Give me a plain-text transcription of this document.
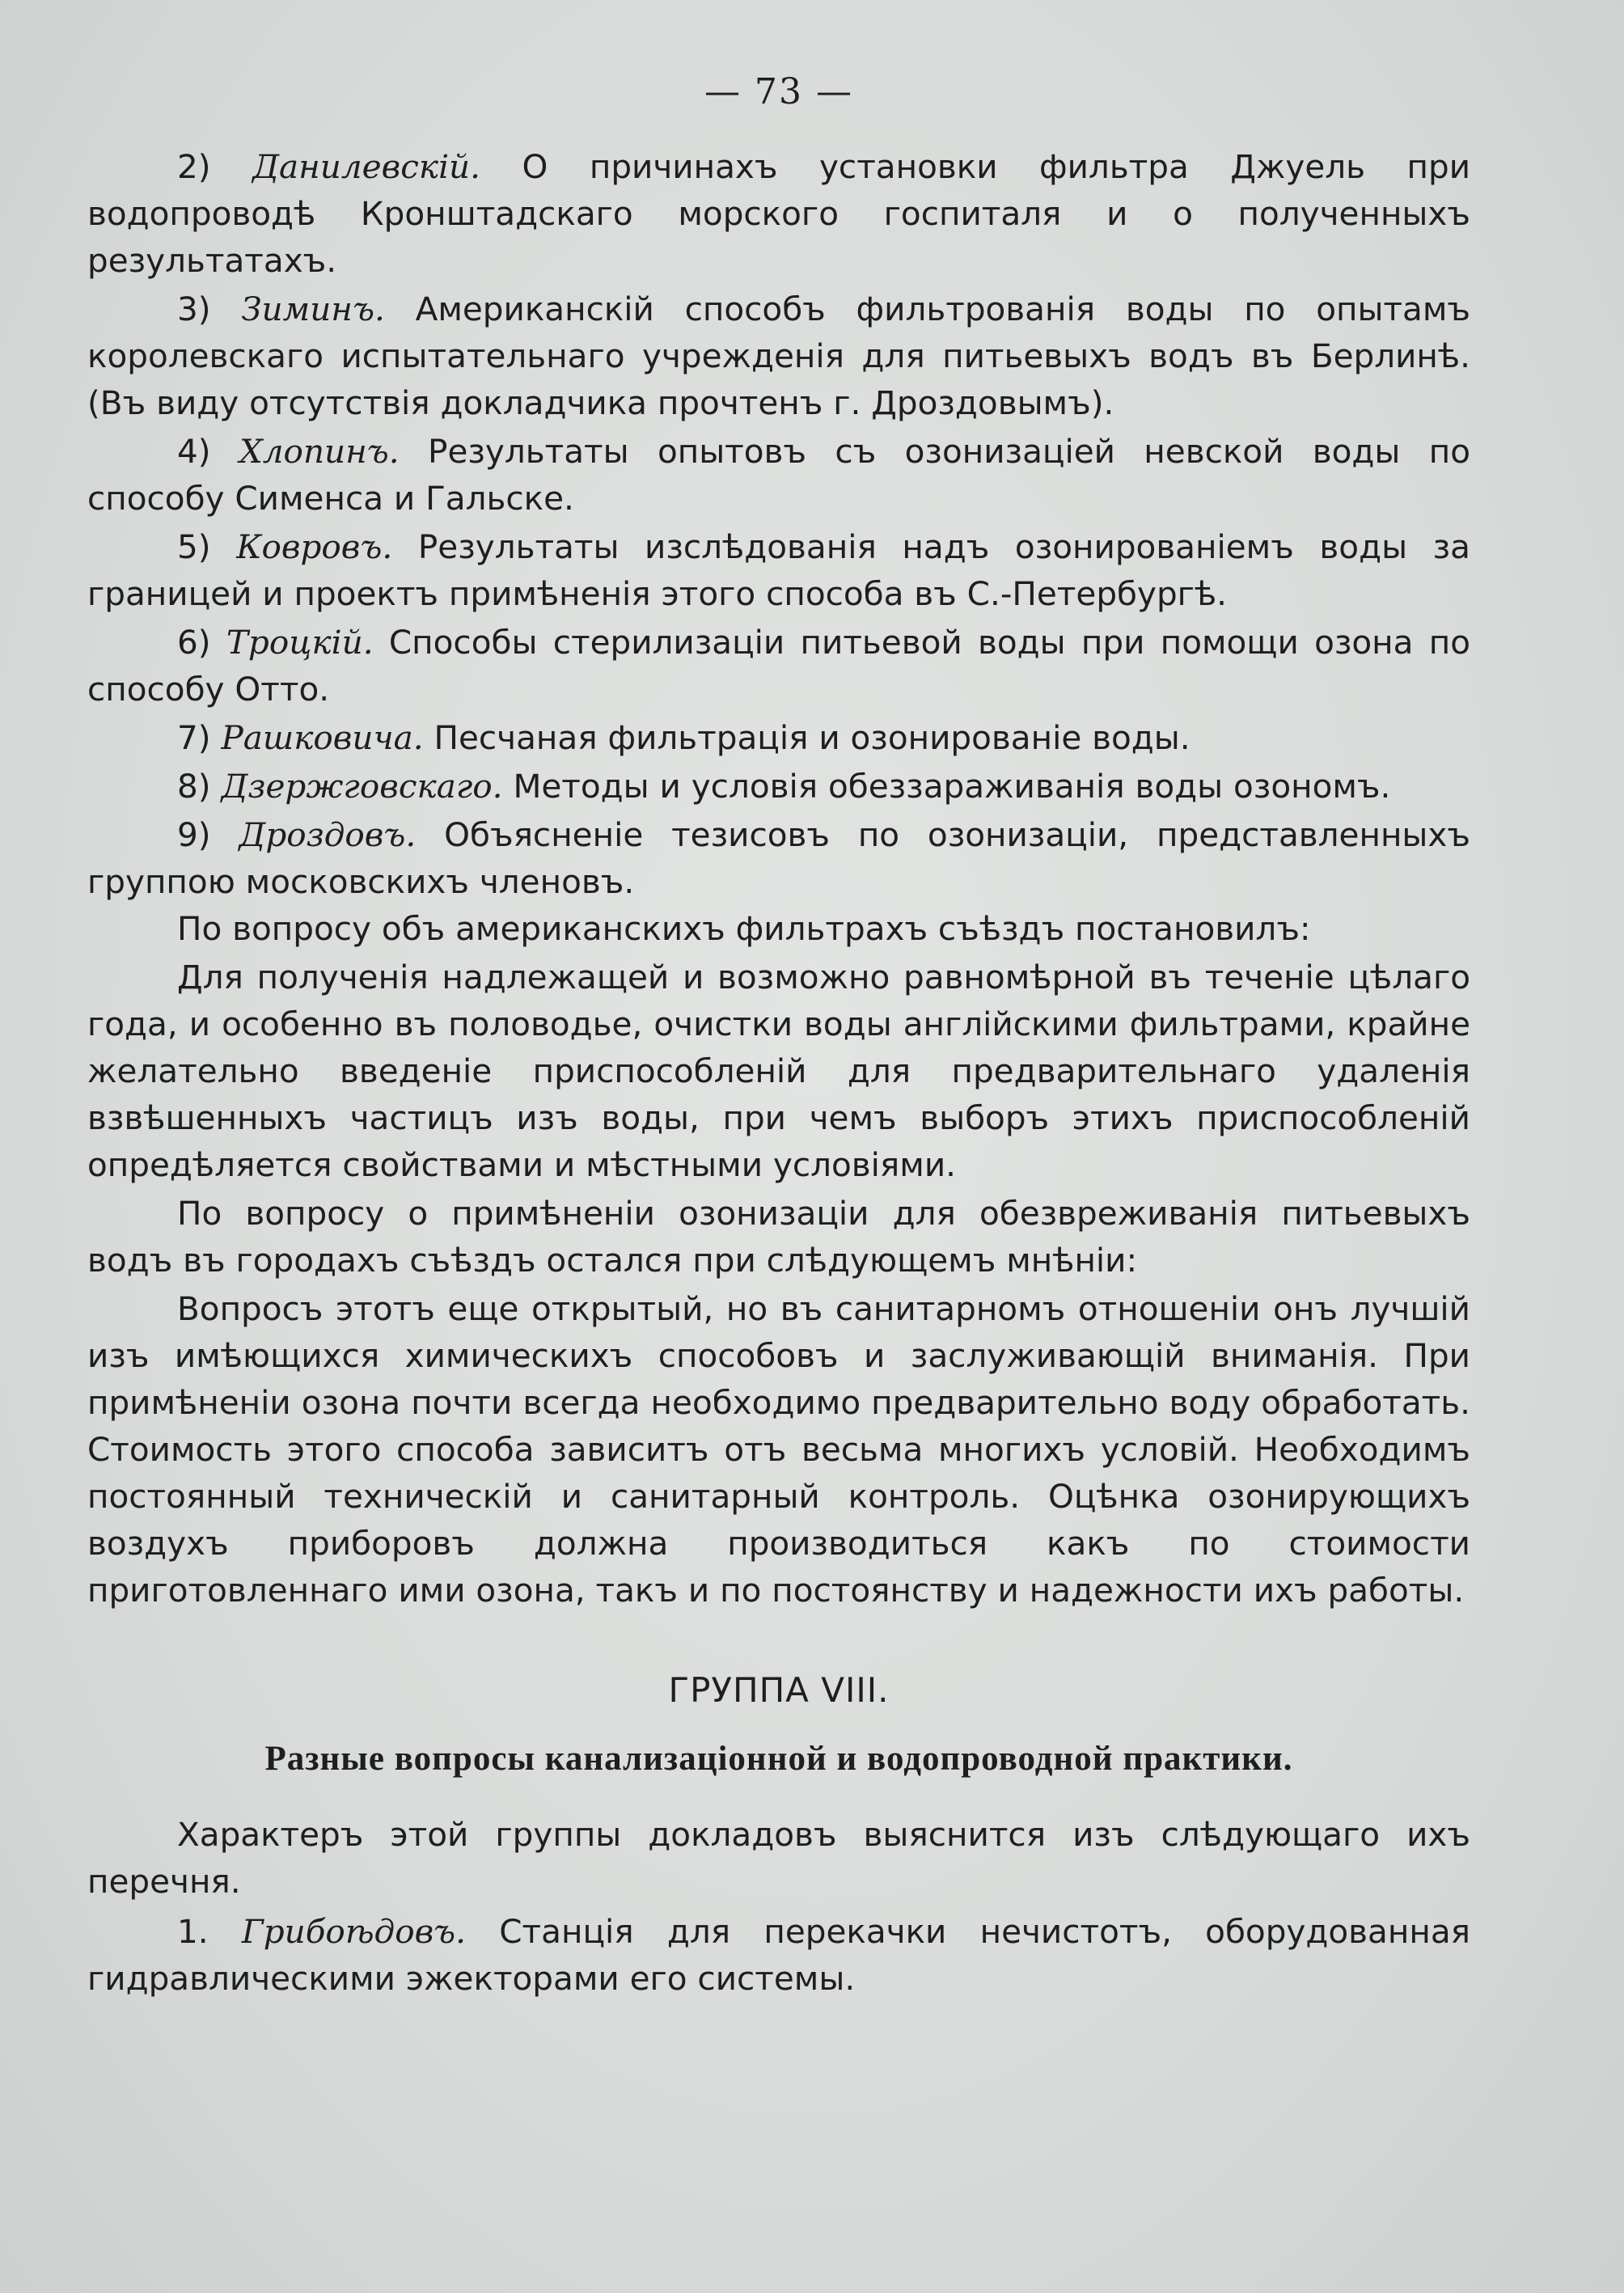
— 73 —

2) Данилевскій. О причинахъ установки фильтра Джуель при водопроводѣ Кронштадскаго морского госпиталя и о полученныхъ результатахъ.

3) Зиминъ. Американскій способъ фильтрованія воды по опытамъ королевскаго испытательнаго учрежденія для питьевыхъ водъ въ Берлинѣ. (Въ виду отсутствія докладчика прочтенъ г. Дроздовымъ).

4) Хлопинъ. Результаты опытовъ съ озонизаціей невской воды по способу Сименса и Гальске.

5) Ковровъ. Результаты изслѣдованія надъ озонированіемъ воды за границей и проектъ примѣненія этого способа въ С.-Петербургѣ.

6) Троцкій. Способы стерилизаціи питьевой воды при помощи озона по способу Отто.

7) Рашковича. Песчаная фильтрація и озонированіе воды.

8) Дзержговскаго. Методы и условія обеззараживанія воды озономъ.

9) Дроздовъ. Объясненіе тезисовъ по озонизаціи, представленныхъ группою московскихъ членовъ.

По вопросу объ американскихъ фильтрахъ съѣздъ постановилъ:

Для полученія надлежащей и возможно равномѣрной въ теченіе цѣлаго года, и особенно въ половодье, очистки воды англійскими фильтрами, крайне желательно введеніе приспособленій для предварительнаго удаленія взвѣшенныхъ частицъ изъ воды, при чемъ выборъ этихъ приспособленій опредѣляется свойствами и мѣстными условіями.

По вопросу о примѣненіи озонизаціи для обезвреживанія питьевыхъ водъ въ городахъ съѣздъ остался при слѣдующемъ мнѣніи:

Вопросъ этотъ еще открытый, но въ санитарномъ отношеніи онъ лучшій изъ имѣющихся химическихъ способовъ и заслуживающій вниманія. При примѣненіи озона почти всегда необходимо предварительно воду обработать. Стоимость этого способа зависитъ отъ весьма многихъ условій. Необходимъ постоянный техническій и санитарный контроль. Оцѣнка озонирующихъ воздухъ приборовъ должна производиться какъ по стоимости приготовленнаго ими озона, такъ и по постоянству и надежности ихъ работы.

ГРУППА VIII.
Разные вопросы канализаціонной и водопроводной практики.

Характеръ этой группы докладовъ выяснится изъ слѣдующаго ихъ перечня.

1. Грибоѣдовъ. Станція для перекачки нечистотъ, оборудованная гидравлическими эжекторами его системы.
